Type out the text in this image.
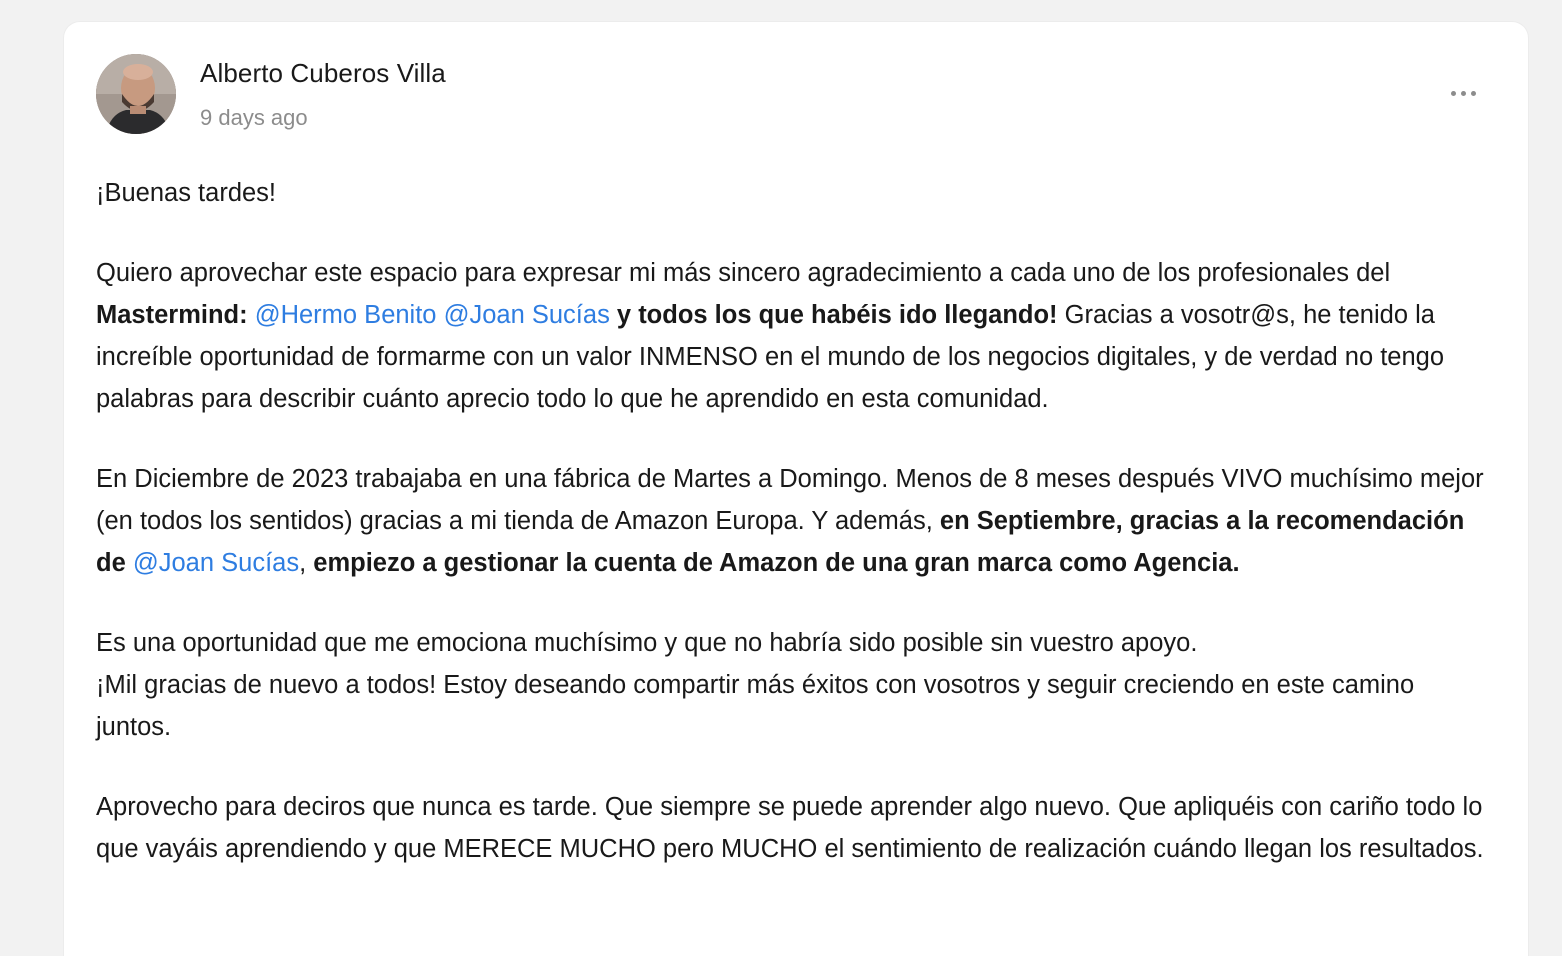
Alberto Cuberos Villa
9 days ago

¡Buenas tardes!

Quiero aprovechar este espacio para expresar mi más sincero agradecimiento a cada uno de los profesionales del Mastermind: @Hermo Benito @Joan Sucías y todos los que habéis ido llegando! Gracias a vosotr@s, he tenido la increíble oportunidad de formarme con un valor INMENSO en el mundo de los negocios digitales, y de verdad no tengo palabras para describir cuánto aprecio todo lo que he aprendido en esta comunidad.

En Diciembre de 2023 trabajaba en una fábrica de Martes a Domingo. Menos de 8 meses después VIVO muchísimo mejor (en todos los sentidos) gracias a mi tienda de Amazon Europa. Y además, en Septiembre, gracias a la recomendación de @Joan Sucías, empiezo a gestionar la cuenta de Amazon de una gran marca como Agencia.

Es una oportunidad que me emociona muchísimo y que no habría sido posible sin vuestro apoyo.
¡Mil gracias de nuevo a todos! Estoy deseando compartir más éxitos con vosotros y seguir creciendo en este camino juntos.

Aprovecho para deciros que nunca es tarde. Que siempre se puede aprender algo nuevo. Que apliquéis con cariño todo lo que vayáis aprendiendo y que MERECE MUCHO pero MUCHO el sentimiento de realización cuándo llegan los resultados.
